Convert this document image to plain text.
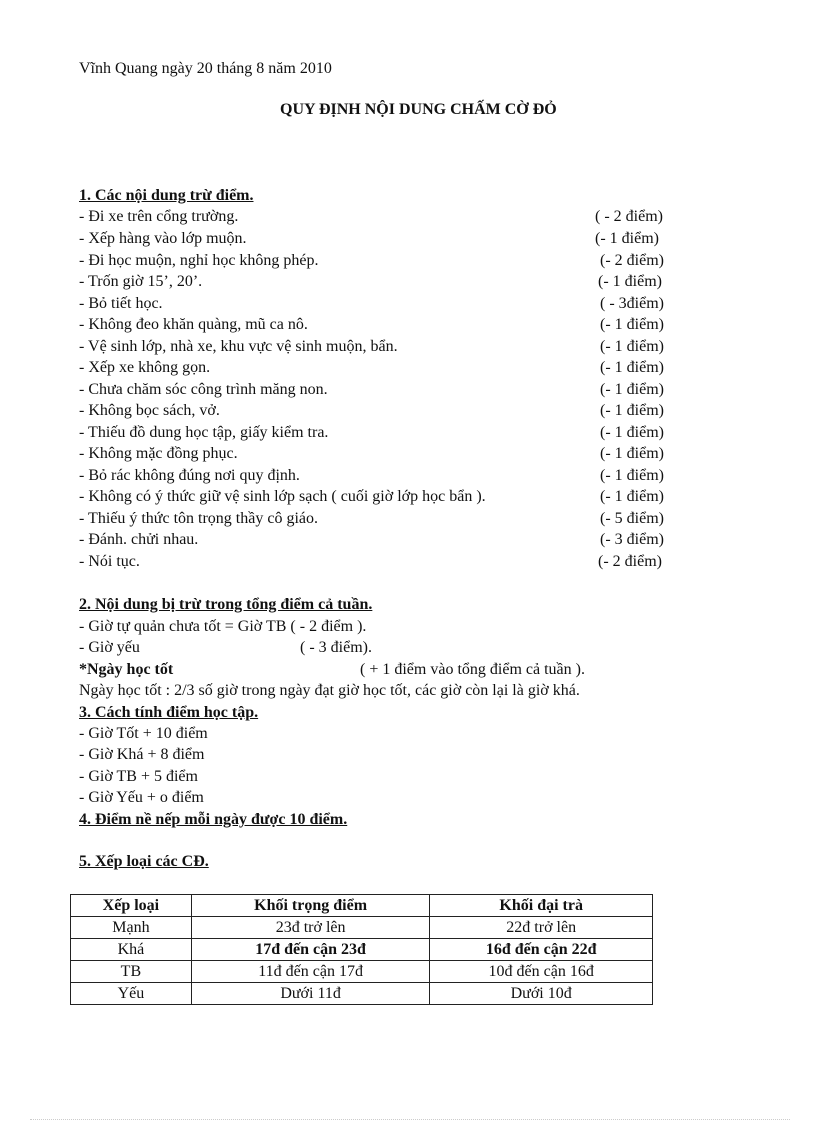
Vĩnh Quang ngày 20 tháng 8 năm 2010
QUY ĐỊNH NỘI DUNG CHẤM CỜ ĐỎ
1. Các nội dung trừ điểm.
- Đi xe trên cổng trường.	( - 2 điểm)
- Xếp hàng vào lớp muộn.	(- 1 điểm)
- Đi học muộn, nghỉ học không phép.	(- 2 điểm)
- Trốn giờ 15’, 20’.	(- 1 điểm)
- Bỏ tiết học.	( - 3điểm)
- Không đeo khăn quàng, mũ ca nô.	(- 1 điểm)
- Vệ sinh lớp, nhà xe, khu vực vệ sinh muộn, bẩn.	(- 1 điểm)
- Xếp xe không gọn.	(- 1 điểm)
- Chưa chăm sóc công trình măng non.	(- 1 điểm)
- Không bọc sách, vở.	(- 1 điểm)
- Thiếu đồ dung học tập, giấy kiểm tra.	(- 1 điểm)
- Không mặc đồng phục.	(- 1 điểm)
- Bỏ rác không đúng nơi quy định.	(- 1 điểm)
- Không có ý thức giữ vệ sinh lớp sạch ( cuối giờ lớp học bẩn ).	(- 1 điểm)
- Thiếu ý thức tôn trọng thầy cô giáo.	(- 5 điểm)
- Đánh. chửi nhau.	(- 3 điểm)
- Nói tục.	(- 2 điểm)
2. Nội dung bị trừ trong tổng điểm cả tuần.
- Giờ tự quản chưa tốt = Giờ TB ( - 2 điểm ).
- Giờ yếu	( - 3 điểm).
*Ngày học tốt	( + 1 điểm vào tổng điểm cả tuần ).
Ngày học tốt : 2/3 số giờ trong ngày đạt giờ học tốt, các giờ còn lại là giờ khá.
3. Cách tính điểm học tập.
- Giờ Tốt + 10 điểm
- Giờ Khá + 8 điểm
- Giờ TB + 5 điểm
- Giờ Yếu + o điểm
4. Điểm nề nếp mỗi ngày được 10 điểm.
5. Xếp loại các CĐ.
Xếp loại	Khối trọng điểm	Khối đại trà
Mạnh	23đ trở lên	22đ trở lên
Khá	17đ đến cận 23đ	16đ đến cận 22đ
TB	11đ đến cận 17đ	10đ đến cận 16đ
Yếu	Dưới 11đ	Dưới 10đ
